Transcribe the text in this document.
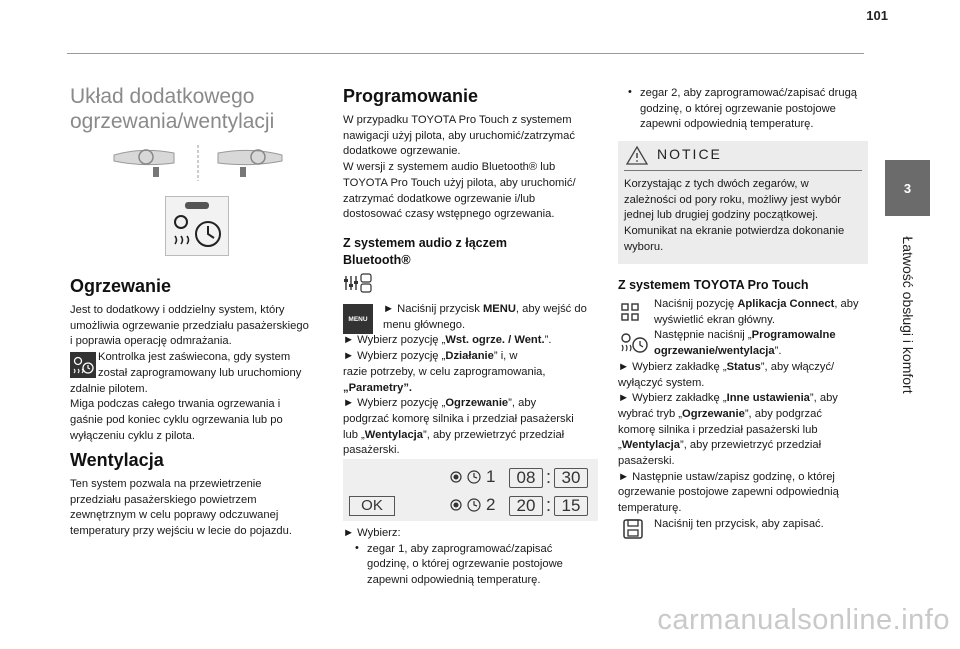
101
3
Łatwość obsługi i komfort
Układ dodatkowego
ogrzewania/wentylacji
Ogrzewanie

Jest to dodatkowy i oddzielny system, który

umożliwia ogrzewanie przedziału pasażerskiego

i poprawia operację odmrażania.

Kontrolka jest zaświecona, gdy system

został zaprogramowany lub uruchomiony

zdalnie pilotem.

Miga podczas całego trwania ogrzewania i

gaśnie pod koniec cyklu ogrzewania lub po

wyłączeniu cyklu z pilota.

Wentylacja

Ten system pozwala na przewietrzenie

przedziału pasażerskiego powietrzem

zewnętrznym w celu poprawy odczuwanej

temperatury przy wejściu w lecie do pojazdu.

Programowanie

W przypadku TOYOTA Pro Touch z systemem

nawigacji użyj pilota, aby uruchomić/zatrzymać

dodatkowe ogrzewanie.

W wersji z systemem audio Bluetooth® lub

TOYOTA Pro Touch użyj pilota, aby uruchomić/

zatrzymać dodatkowe ogrzewanie i/lub

dostosować czasy wstępnego ogrzewania.

Z systemem audio z łączem
Bluetooth®
MENU

► Naciśnij przycisk MENU, aby wejść do

menu głównego.

► Wybierz pozycję „Wst. ogrze. / Went.”.

► Wybierz pozycję „Działanie” i, w

razie potrzeby, w celu zaprogramowania,

„Parametry”.

► Wybierz pozycję „Ogrzewanie”, aby

podgrzać komorę silnika i przedział pasażerski

lub „Wentylacja”, aby przewietrzyć przedział

pasażerski.

OK
1	08 : 30
2	20 : 15

► Wybierz:

• zegar 1, aby zaprogramować/zapisać

godzinę, o której ogrzewanie postojowe

zapewni odpowiednią temperaturę.

• zegar 2, aby zaprogramować/zapisać drugą

godzinę, o której ogrzewanie postojowe

zapewni odpowiednią temperaturę.

NOTICE

Korzystając z tych dwóch zegarów, w

zależności od pory roku, możliwy jest wybór

jednej lub drugiej godziny początkowej.

Komunikat na ekranie potwierdza dokonanie

wyboru.

Z systemem TOYOTA Pro Touch

Naciśnij pozycję Aplikacja Connect, aby

wyświetlić ekran główny.

Następnie naciśnij „Programowalne

ogrzewanie/wentylacja”.

► Wybierz zakładkę „Status”, aby włączyć/

wyłączyć system.

► Wybierz zakładkę „Inne ustawienia”, aby

wybrać tryb „Ogrzewanie”, aby podgrzać

komorę silnika i przedział pasażerski lub

„Wentylacja”, aby przewietrzyć przedział

pasażerski.

► Następnie ustaw/zapisz godzinę, o której

ogrzewanie postojowe zapewni odpowiednią

temperaturę.

Naciśnij ten przycisk, aby zapisać.

carmanualsonline.info
